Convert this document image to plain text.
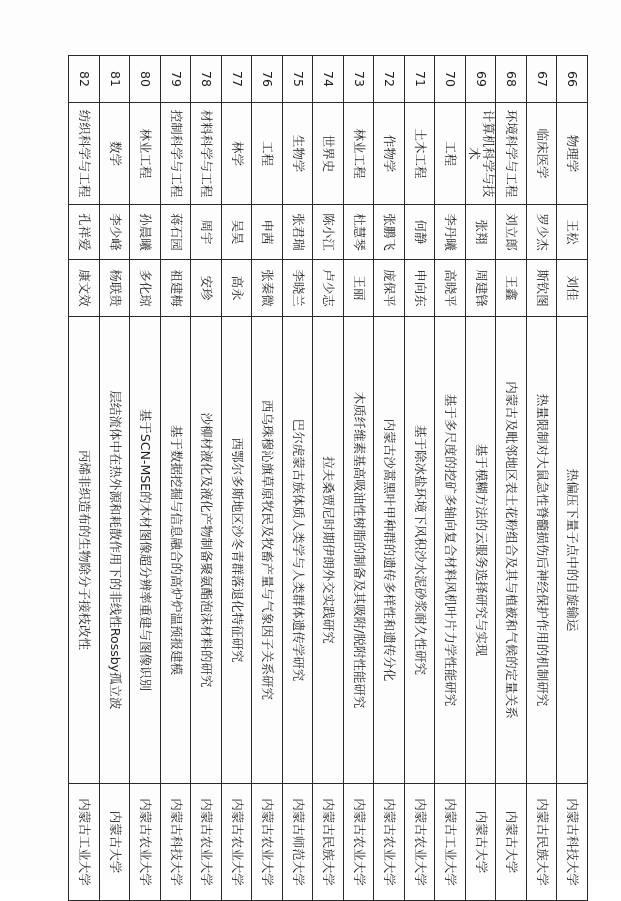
66	物理学	王松	刘佳	热偏压下量子点中的自旋输运	内蒙古科技大学
67	临床医学	罗少杰	斯钦图	热量限制对大鼠急性脊髓损伤后神经保护作用的机制研究	内蒙古民族大学
68	环境科学与工程	刘立郎	王鑫	内蒙古及毗邻地区表土花粉组合及其与植被和气候的定量关系	内蒙古大学
69	计算机科学与技术	张翔	周建锋	基于模糊方法的云服务选择研究与实现	内蒙古大学
70	工程	李丹曦	高晓平	基于多尺度的挖矿多轴向复合材料风机叶片力学性能研究	内蒙古工业大学
71	土木工程	何静	申向东	基于除冰盐环境下风积沙水泥砂浆耐久性研究	内蒙古农业大学
72	作物学	张鹏飞	庞保平	内蒙古沙蒿黑叶甲种群的遗传多样性和遗传分化	内蒙古农业大学
73	林业工程	杜慧琴	王丽	木质纤维素基高吸油性树脂的制备及其吸附/脱附性能研究	内蒙古农业大学
74	世界史	陈小江	卢少志	拉夫桑贾尼时期伊朗外交实践研究	内蒙古民族大学
75	生物学	张君瑞	李晓兰	巴尔虎蒙古族体质人类学与人类群体遗传学研究	内蒙古师范大学
76	工程	申茜	张秦微	西乌珠穆沁旗草原牧民及牧畜产量与气象因子关系研究	内蒙古农业大学
77	林学	吴昊	高永	西鄂尔多斯地区沙冬青群落退化特征研究	内蒙古农业大学
78	材料科学与工程	周宇	安珍	沙柳材液化及液化产物制备聚氨酯泡沫材料的研究	内蒙古农业大学
79	控制科学与工程	蒋石园	祖建梅	基于数据挖掘与信息融合的高炉炉温预报建模	内蒙古科技大学
80	林业工程	孙晨曦	多化琼	基于SCN-MSE的木材图像超分辨率重建与图像识别	内蒙古农业大学
81	数学	李少峰	杨联贵	层结流体中在热外源和耗散作用下的非线性Rossby孤立波	内蒙古大学
82	纺织科学与工程	孔祥爱	康文效	丙烯非织造布的生物除分子接枝改性	内蒙古工业大学
